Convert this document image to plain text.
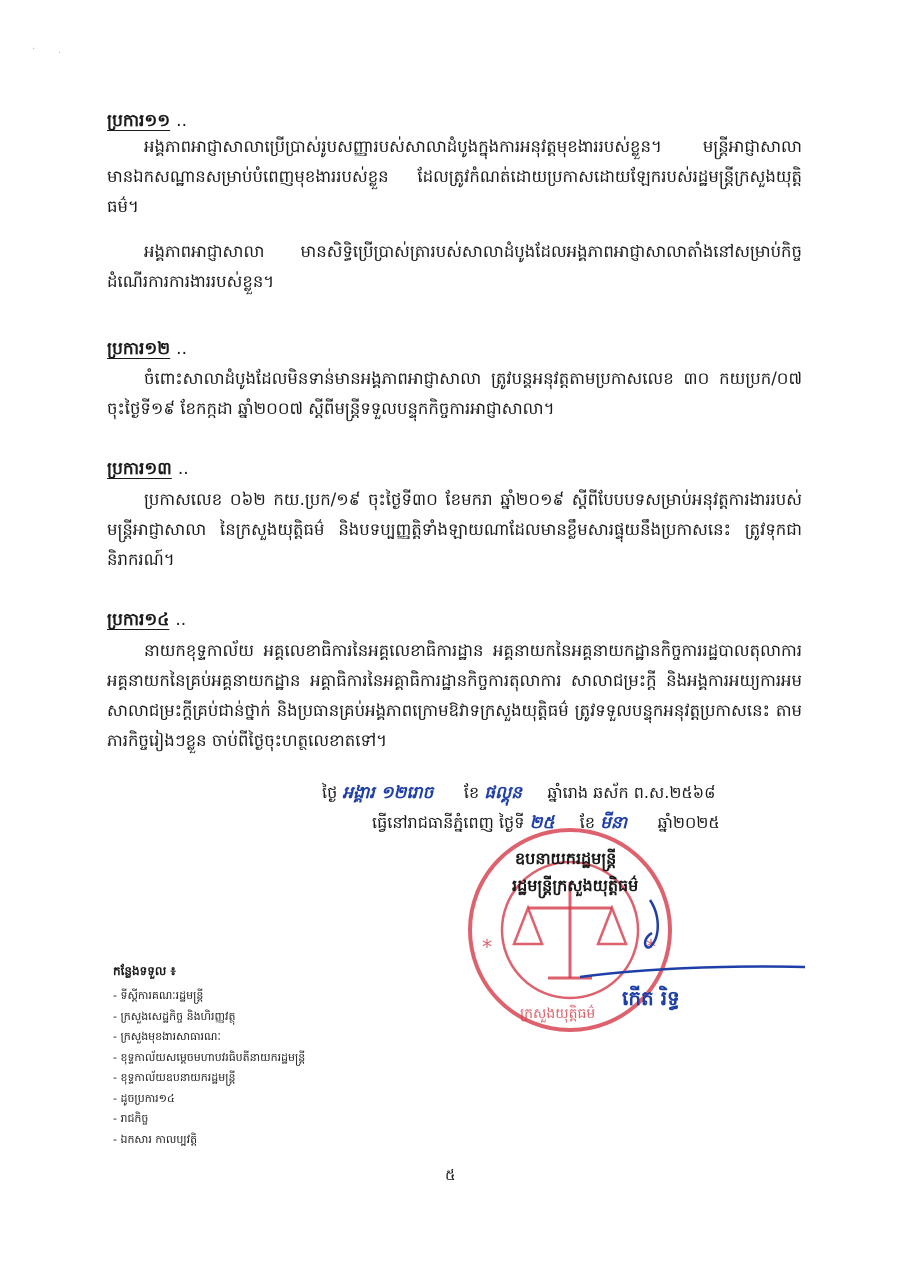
· ·
ប្រការ១១ ..

អង្គភាពអាជ្ញាសាលាប្រើប្រាស់រូបសញ្ញារបស់សាលាដំបូងក្នុងការអនុវត្តមុខងាររបស់ខ្លួន។ មន្ត្រីអាជ្ញាសាលាមានឯកសណ្ឋានសម្រាប់បំពេញមុខងាររបស់ខ្លួន ដែលត្រូវកំណត់ដោយប្រកាសដោយឡែករបស់រដ្ឋមន្ត្រីក្រសួងយុត្តិធម៌។

អង្គភាពអាជ្ញាសាលា មានសិទ្ធិប្រើប្រាស់ត្រារបស់សាលាដំបូងដែលអង្គភាពអាជ្ញាសាលាតាំងនៅសម្រាប់កិច្ចដំណើរការការងាររបស់ខ្លួន។

ប្រការ១២ ..

ចំពោះសាលាដំបូងដែលមិនទាន់មានអង្គភាពអាជ្ញាសាលា ត្រូវបន្តអនុវត្តតាមប្រកាសលេខ ៣០ កយប្រក/០៧ ចុះថ្ងៃទី១៩ ខែកក្កដា ឆ្នាំ២០០៧ ស្ដីពីមន្ត្រីទទួលបន្ទុកកិច្ចការអាជ្ញាសាលា។

ប្រការ១៣ ..

ប្រកាសលេខ ០៦២ កយ.ប្រក/១៩ ចុះថ្ងៃទី៣០ ខែមករា ឆ្នាំ២០១៩ ស្ដីពីបែបបទសម្រាប់អនុវត្តការងាររបស់មន្ត្រីអាជ្ញាសាលា នៃក្រសួងយុត្តិធម៌ និងបទប្បញ្ញត្តិទាំងឡាយណាដែលមានខ្លឹមសារផ្ទុយនឹងប្រកាសនេះ ត្រូវទុកជានិរាករណ៍។

ប្រការ១៤ ..

នាយកខុទ្ទកាល័យ អគ្គលេខាធិការនៃអគ្គលេខាធិការដ្ឋាន អគ្គនាយកនៃអគ្គនាយកដ្ឋានកិច្ចការរដ្ឋបាលតុលាការ អគ្គនាយកនៃគ្រប់អគ្គនាយកដ្ឋាន អគ្គាធិការនៃអគ្គាធិការដ្ឋានកិច្ចការតុលាការ សាលាជម្រះក្ដី និងអង្គការអយ្យការអមសាលាជម្រះក្ដីគ្រប់ជាន់ថ្នាក់ និងប្រធានគ្រប់អង្គភាពក្រោមឱវាទក្រសួងយុត្តិធម៌ ត្រូវទទួលបន្ទុកអនុវត្តប្រកាសនេះ តាមភារកិច្ចរៀងៗខ្លួន ចាប់ពីថ្ងៃចុះហត្ថលេខាតទៅ។

ថ្ងៃ អង្គារ ១២រោច ខែ ផល្គុន ឆ្នាំរោង ឆស័ក ព.ស.២៥៦៨
ធ្វើនៅរាជធានីភ្នំពេញ ថ្ងៃទី ២៥ ខែ មីនា ឆ្នាំ២០២៥
*	*
ក្រសួងយុត្តិធម៌
ឧបនាយករដ្ឋមន្ត្រី
រដ្ឋមន្ត្រីក្រសួងយុត្តិធម៌
កើត រិទ្ធ
កន្លែងទទួល ៖
- ទីស្ដីការគណៈរដ្ឋមន្ត្រី
- ក្រសួងសេដ្ឋកិច្ច និងហិរញ្ញវត្ថុ
- ក្រសួងមុខងារសាធារណៈ
- ខុទ្ទកាល័យសម្ដេចមហាបវរធិបតីនាយករដ្ឋមន្ត្រី
- ខុទ្ទកាល័យឧបនាយករដ្ឋមន្ត្រី
- ដូចប្រការ១៤
- រាជកិច្ច
- ឯកសារ កាលប្បវត្តិ
៥
